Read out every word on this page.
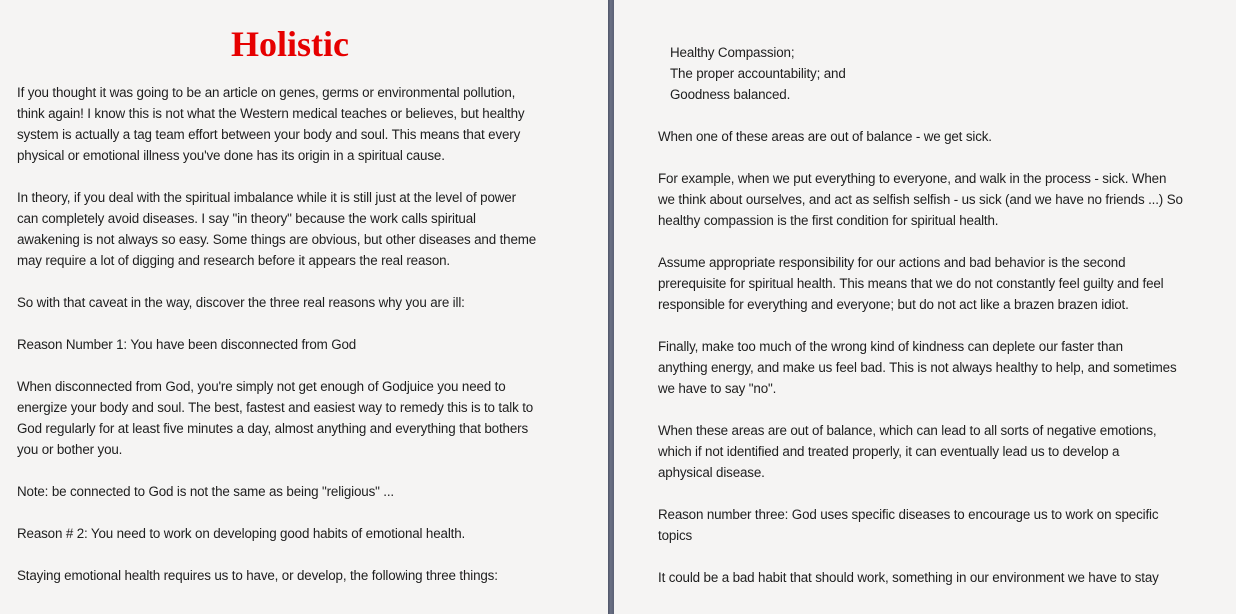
Holistic
If you thought it was going to be an article on genes, germs or environmental pollution,
think again! I know this is not what the Western medical teaches or believes, but healthy
system is actually a tag team effort between your body and soul. This means that every
physical or emotional illness you've done has its origin in a spiritual cause.
In theory, if you deal with the spiritual imbalance while it is still just at the level of power
can completely avoid diseases. I say "in theory" because the work calls spiritual
awakening is not always so easy. Some things are obvious, but other diseases and theme
may require a lot of digging and research before it appears the real reason.
So with that caveat in the way, discover the three real reasons why you are ill:
Reason Number 1: You have been disconnected from God
When disconnected from God, you're simply not get enough of Godjuice you need to
energize your body and soul. The best, fastest and easiest way to remedy this is to talk to
God regularly for at least five minutes a day, almost anything and everything that bothers
you or bother you.
Note: be connected to God is not the same as being "religious" ...
Reason # 2: You need to work on developing good habits of emotional health.
Staying emotional health requires us to have, or develop, the following three things:
Healthy Compassion;
The proper accountability; and
Goodness balanced.
When one of these areas are out of balance - we get sick.
For example, when we put everything to everyone, and walk in the process - sick. When
we think about ourselves, and act as selfish selfish - us sick (and we have no friends ...) So
healthy compassion is the first condition for spiritual health.
Assume appropriate responsibility for our actions and bad behavior is the second
prerequisite for spiritual health. This means that we do not constantly feel guilty and feel
responsible for everything and everyone; but do not act like a brazen brazen idiot.
Finally, make too much of the wrong kind of kindness can deplete our faster than
anything energy, and make us feel bad. This is not always healthy to help, and sometimes
we have to say "no".
When these areas are out of balance, which can lead to all sorts of negative emotions,
which if not identified and treated properly, it can eventually lead us to develop a
aphysical disease.
Reason number three: God uses specific diseases to encourage us to work on specific
topics
It could be a bad habit that should work, something in our environment we have to stay
